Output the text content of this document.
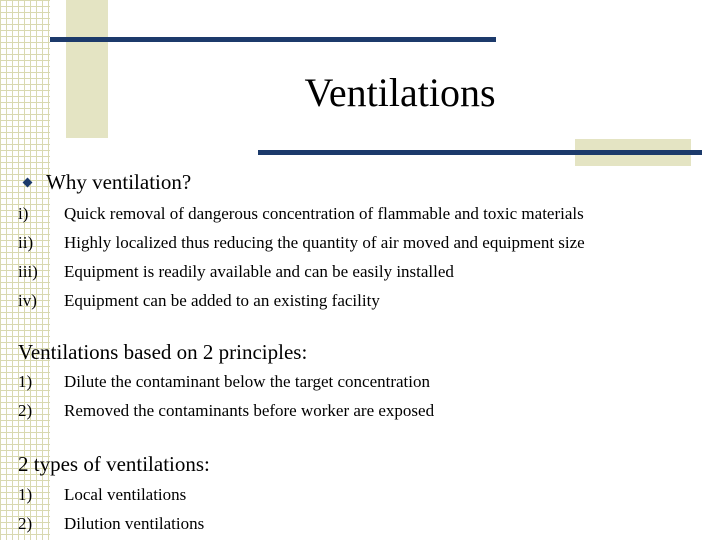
Ventilations
Why ventilation?
i)	Quick removal of dangerous concentration of flammable and toxic materials
ii)	Highly localized thus reducing the quantity of air moved and equipment size
iii)	Equipment is readily available and can be easily installed
iv)	Equipment can be added to an existing facility
Ventilations based on 2 principles:
1)	Dilute the contaminant below the target concentration
2)	Removed the contaminants before worker are exposed
2 types of ventilations:
1)	Local ventilations
2)	Dilution ventilations
